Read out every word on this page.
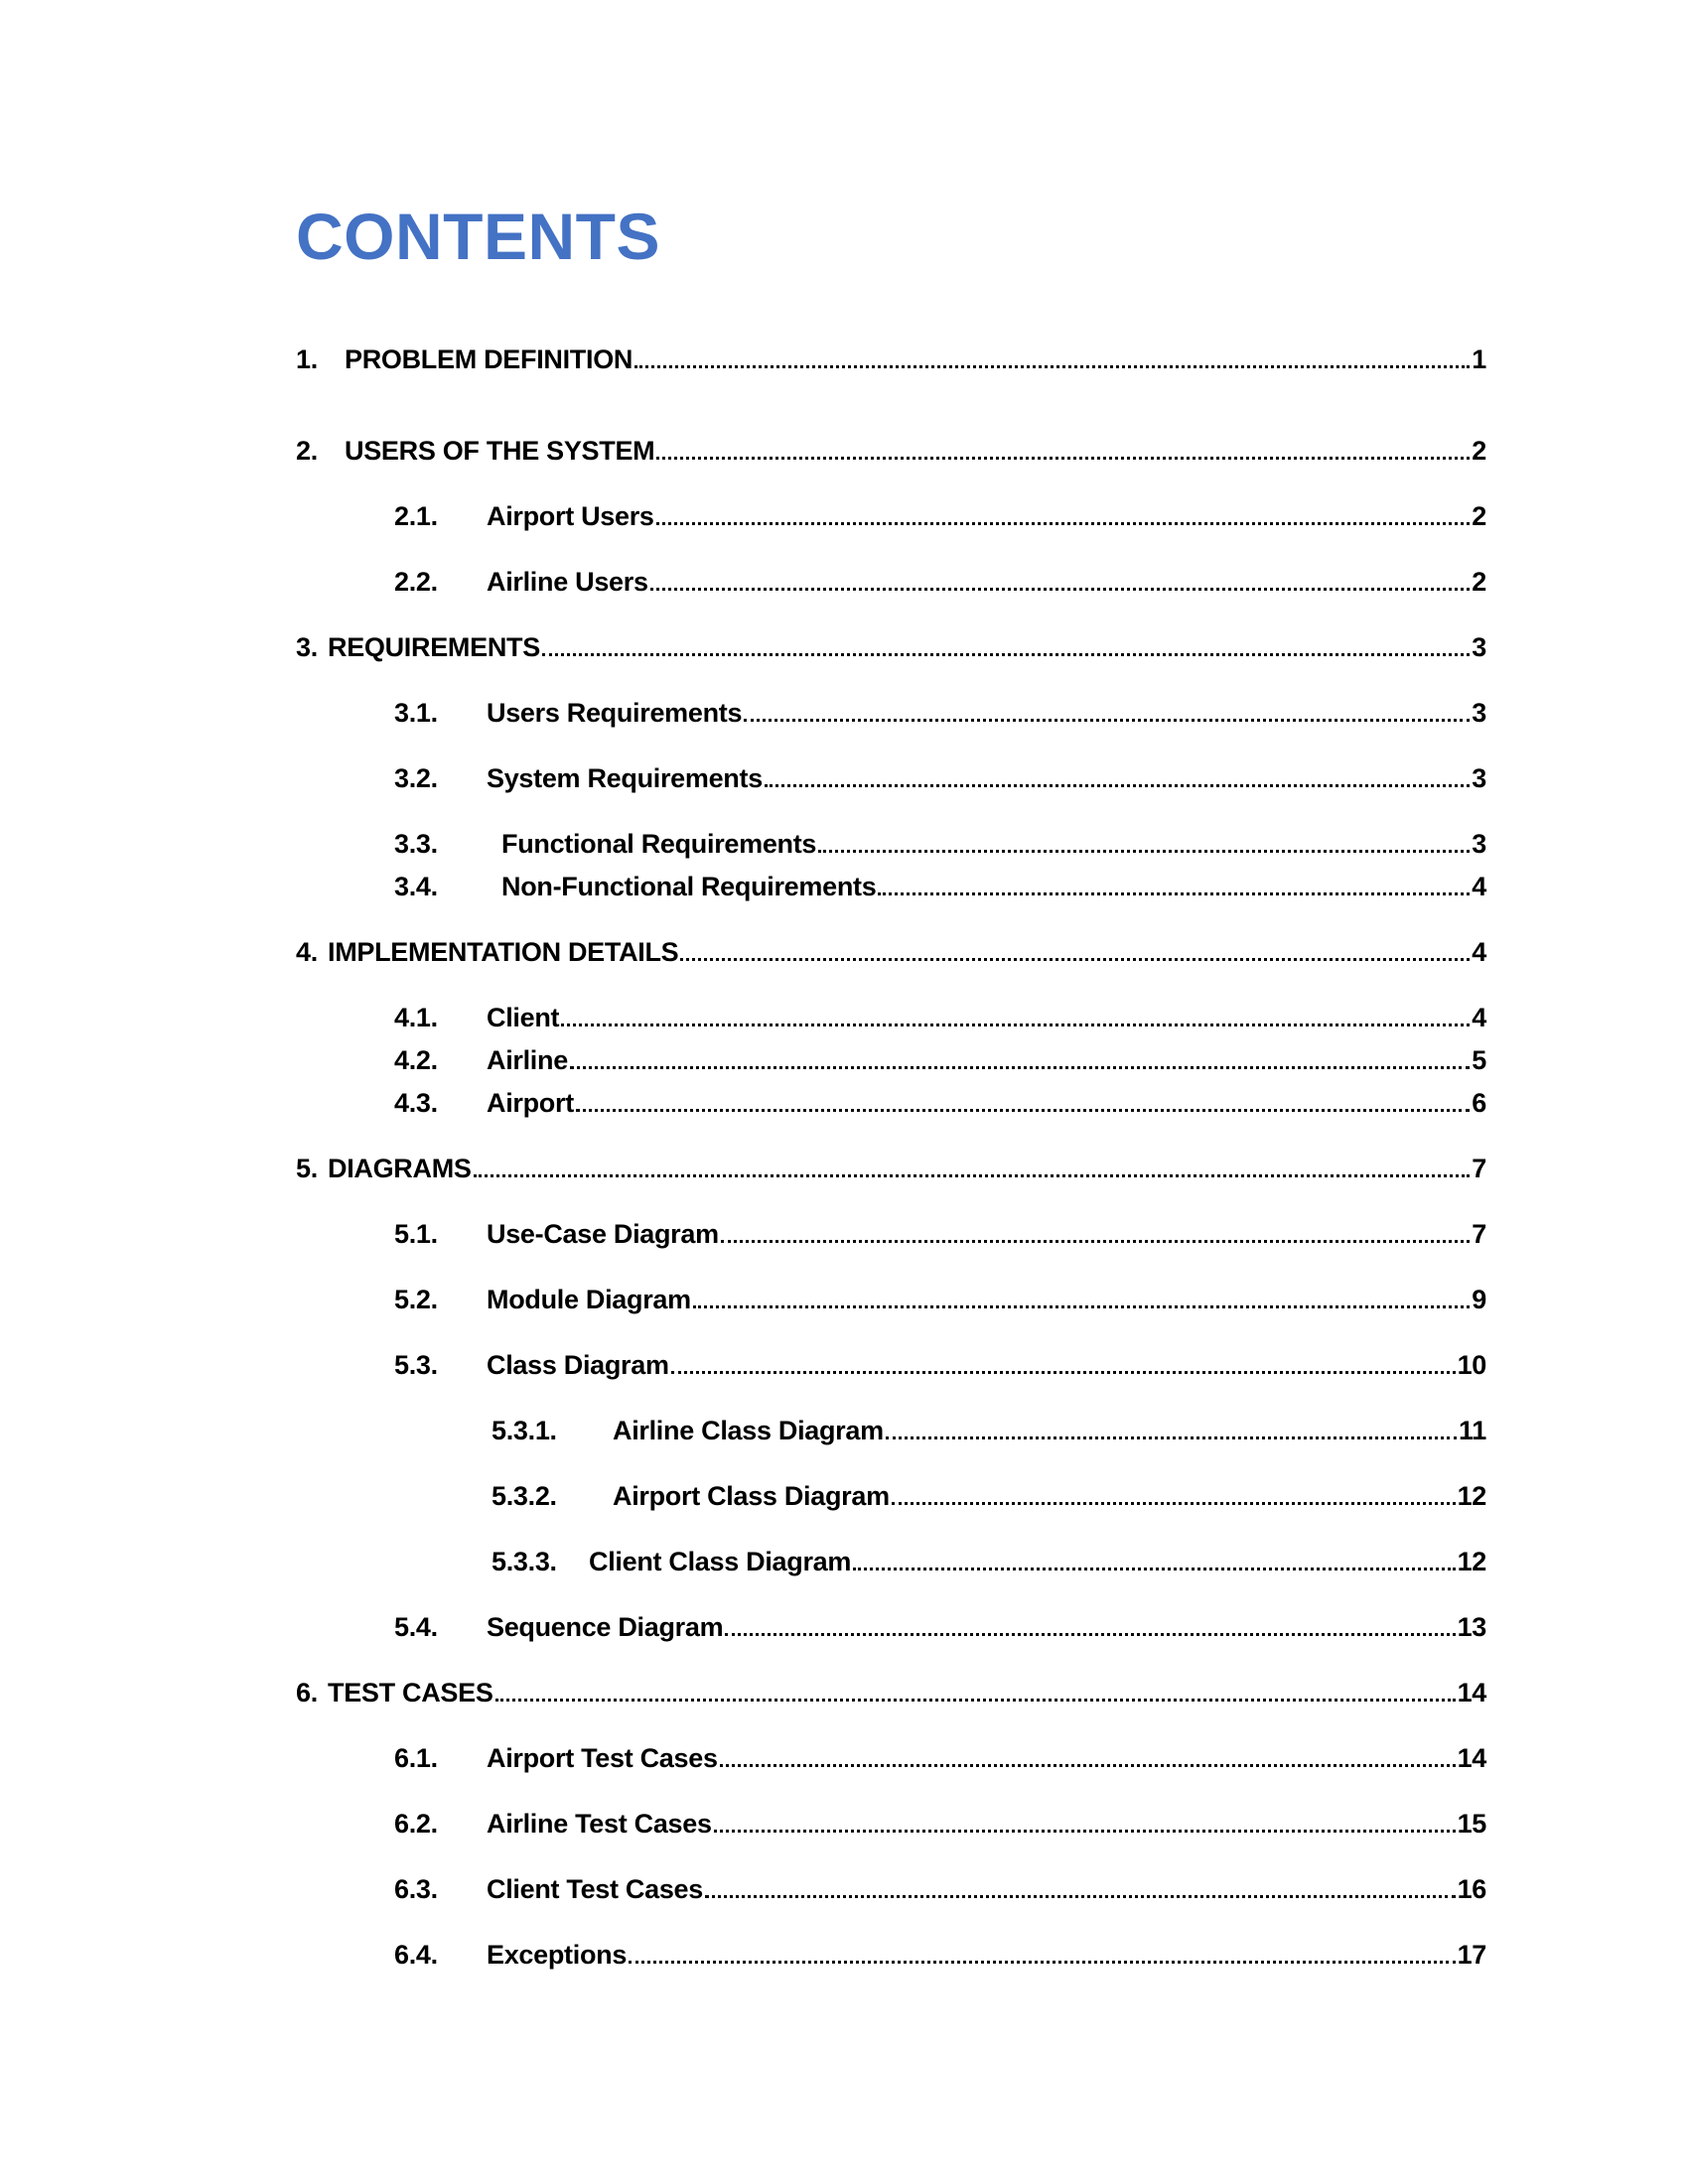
CONTENTS
1.	PROBLEM DEFINITION	1
2.	USERS OF THE SYSTEM	2
2.1.	Airport Users	2
2.2.	Airline Users	2
3. REQUIREMENTS	3
3.1.	Users Requirements	3
3.2.	System Requirements	3
3.3.	Functional Requirements	3
3.4.	Non-Functional Requirements	4
4. IMPLEMENTATION DETAILS	4
4.1.	Client	4
4.2.	Airline	5
4.3.	Airport	6
5. DIAGRAMS	7
5.1.	Use-Case Diagram	7
5.2.	Module Diagram	9
5.3.	Class Diagram	10
5.3.1.	Airline Class Diagram	11
5.3.2.	Airport Class Diagram	12
5.3.3.	Client Class Diagram	12
5.4.	Sequence Diagram	13
6. TEST CASES	14
6.1.	Airport Test Cases	14
6.2.	Airline Test Cases	15
6.3.	Client Test Cases	16
6.4.	Exceptions	17
